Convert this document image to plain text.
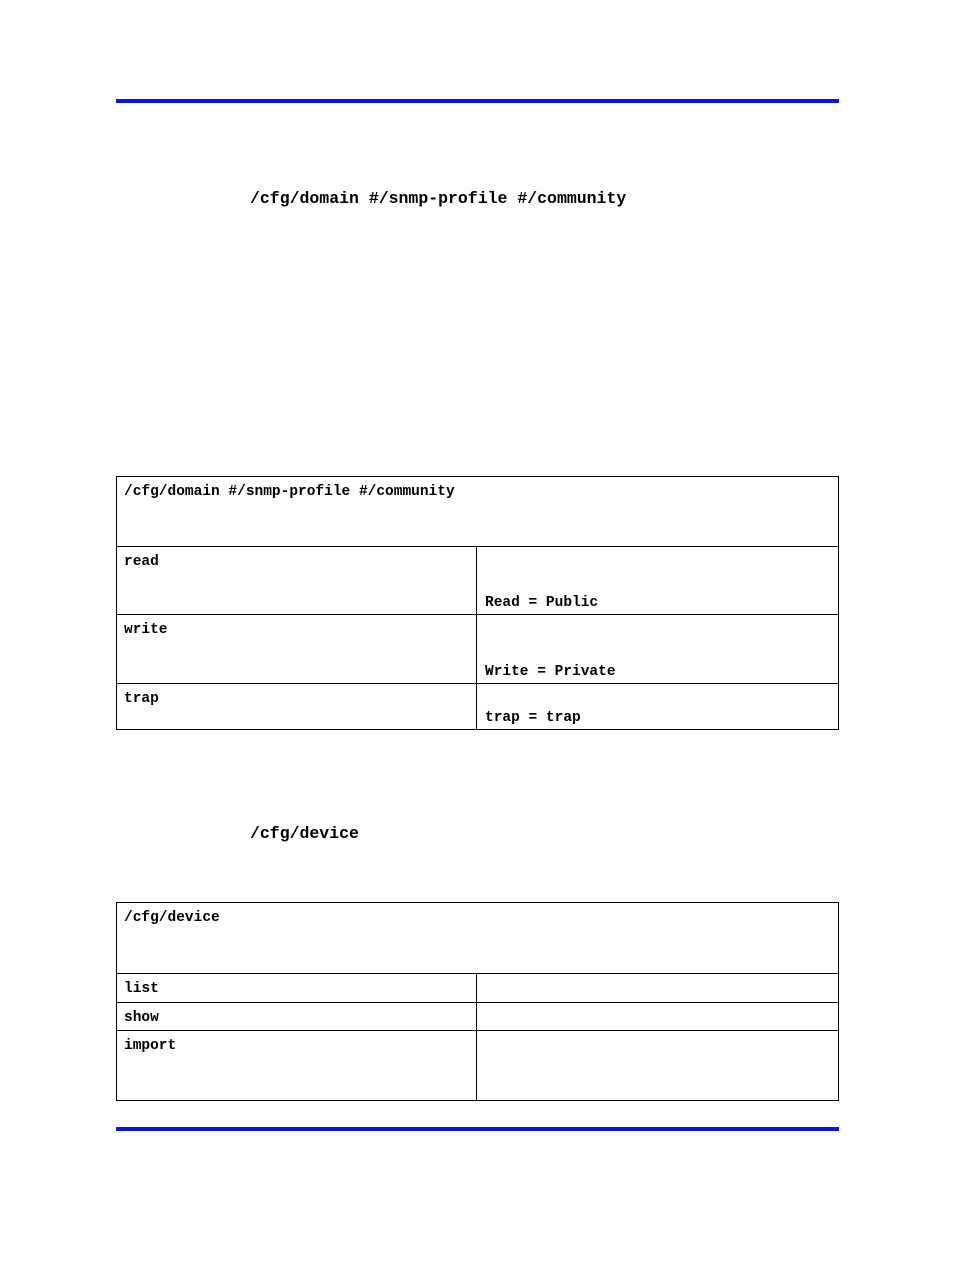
/cfg/domain #/snmp-profile #/community
/cfg/domain #/snmp-profile #/community
read
Read = Public
write
Write = Private
trap
trap = trap
/cfg/device
/cfg/device
list
show
import
